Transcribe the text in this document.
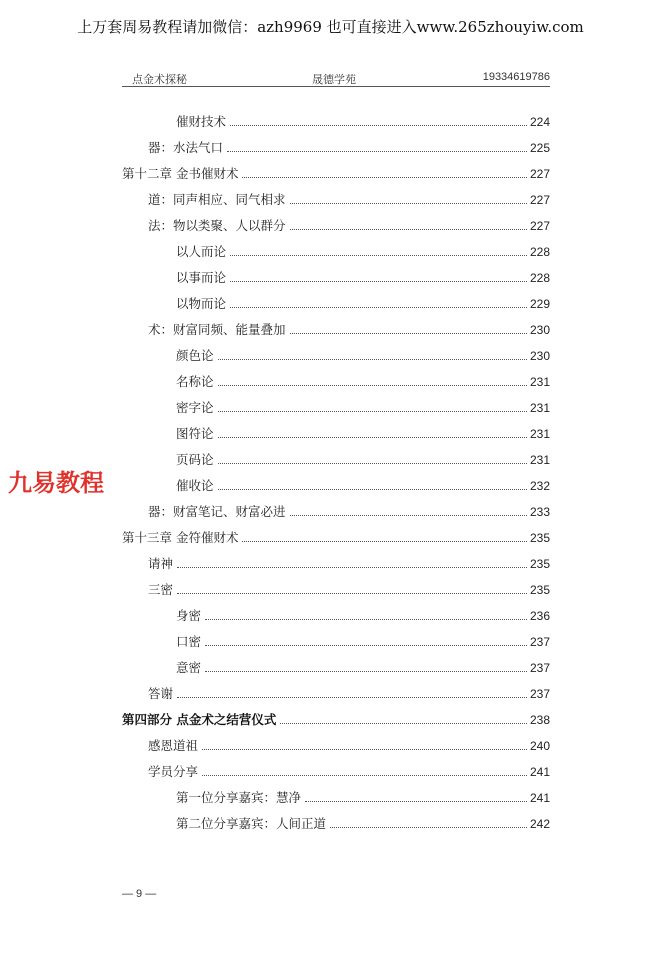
上万套周易教程请加微信：azh9969 也可直接进入www.265zhouyiw.com
点金术探秘	晟德学苑	19334619786
催财技术	224
器：水法气口	225
第十二章 金书催财术	227
道：同声相应、同气相求	227
法：物以类聚、人以群分	227
以人而论	228
以事而论	228
以物而论	229
术：财富同频、能量叠加	230
颜色论	230
名称论	231
密字论	231
图符论	231
页码论	231
催收论	232
器：财富笔记、财富必进	233
第十三章 金符催财术	235
请神	235
三密	235
身密	236
口密	237
意密	237
答谢	237
第四部分 点金术之结营仪式	238
感恩道祖	240
学员分享	241
第一位分享嘉宾：慧净	241
第二位分享嘉宾：人间正道	242
九易教程
— 9 —
